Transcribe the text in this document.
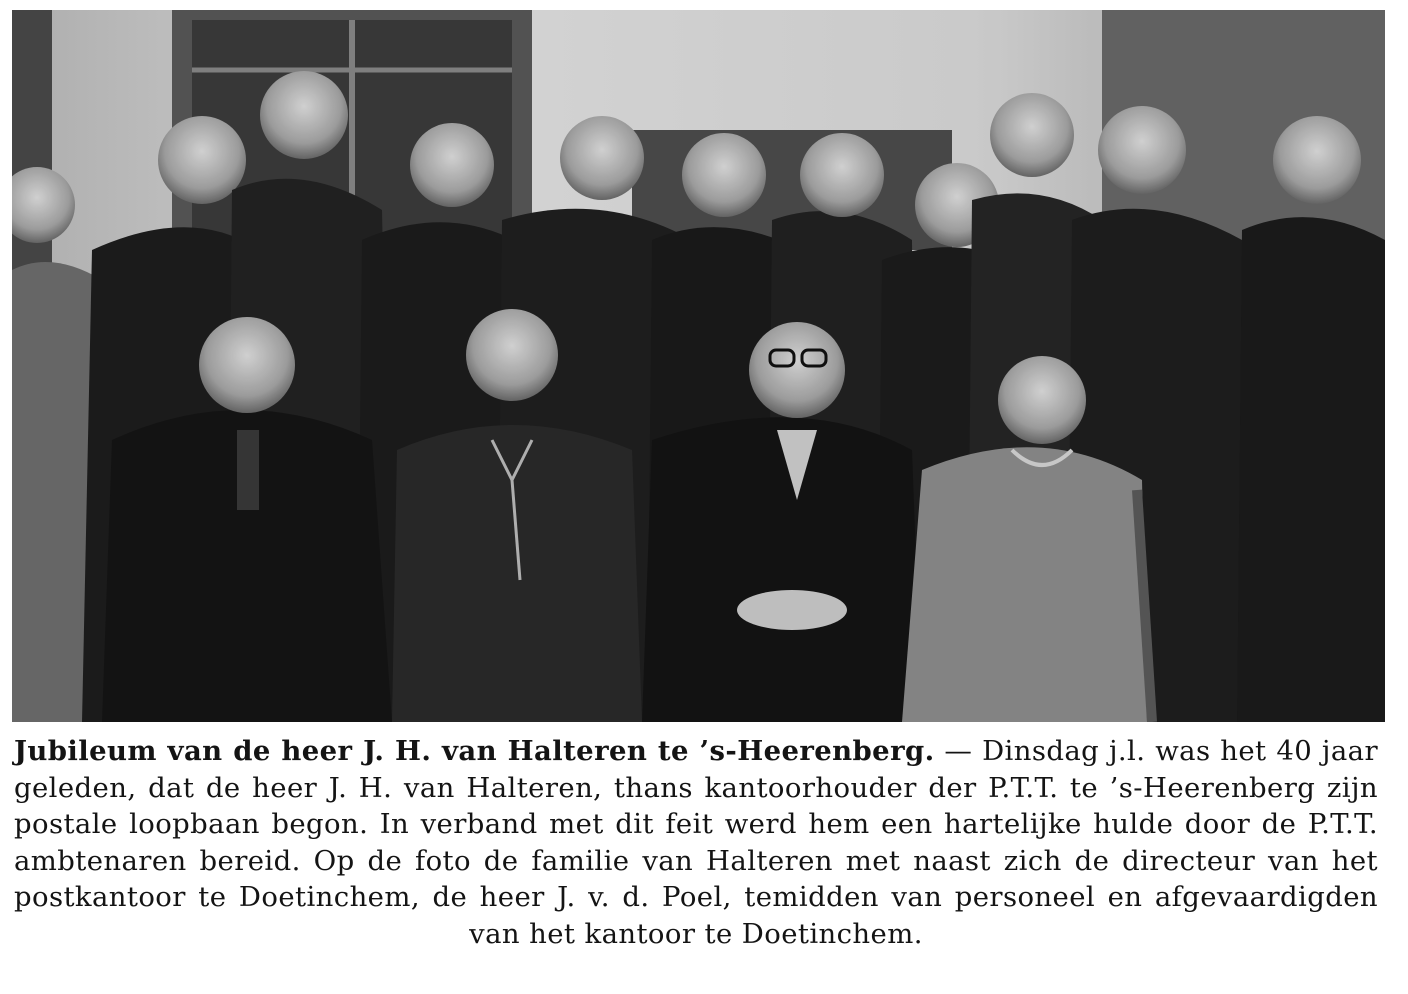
Jubileum van de heer J. H. van Halteren te ’s-Heerenberg. — Dinsdag j.l. was het 40 jaar geleden, dat de heer J. H. van Halteren, thans kantoorhouder der P.T.T. te ’s-Heerenberg zijn postale loopbaan begon. In verband met dit feit werd hem een hartelijke hulde door de P.T.T. ambtenaren bereid. Op de foto de familie van Halteren met naast zich de directeur van het postkantoor te Doetinchem, de heer J. v. d. Poel, temidden van personeel en afgevaardigden van het kantoor te Doetinchem.
